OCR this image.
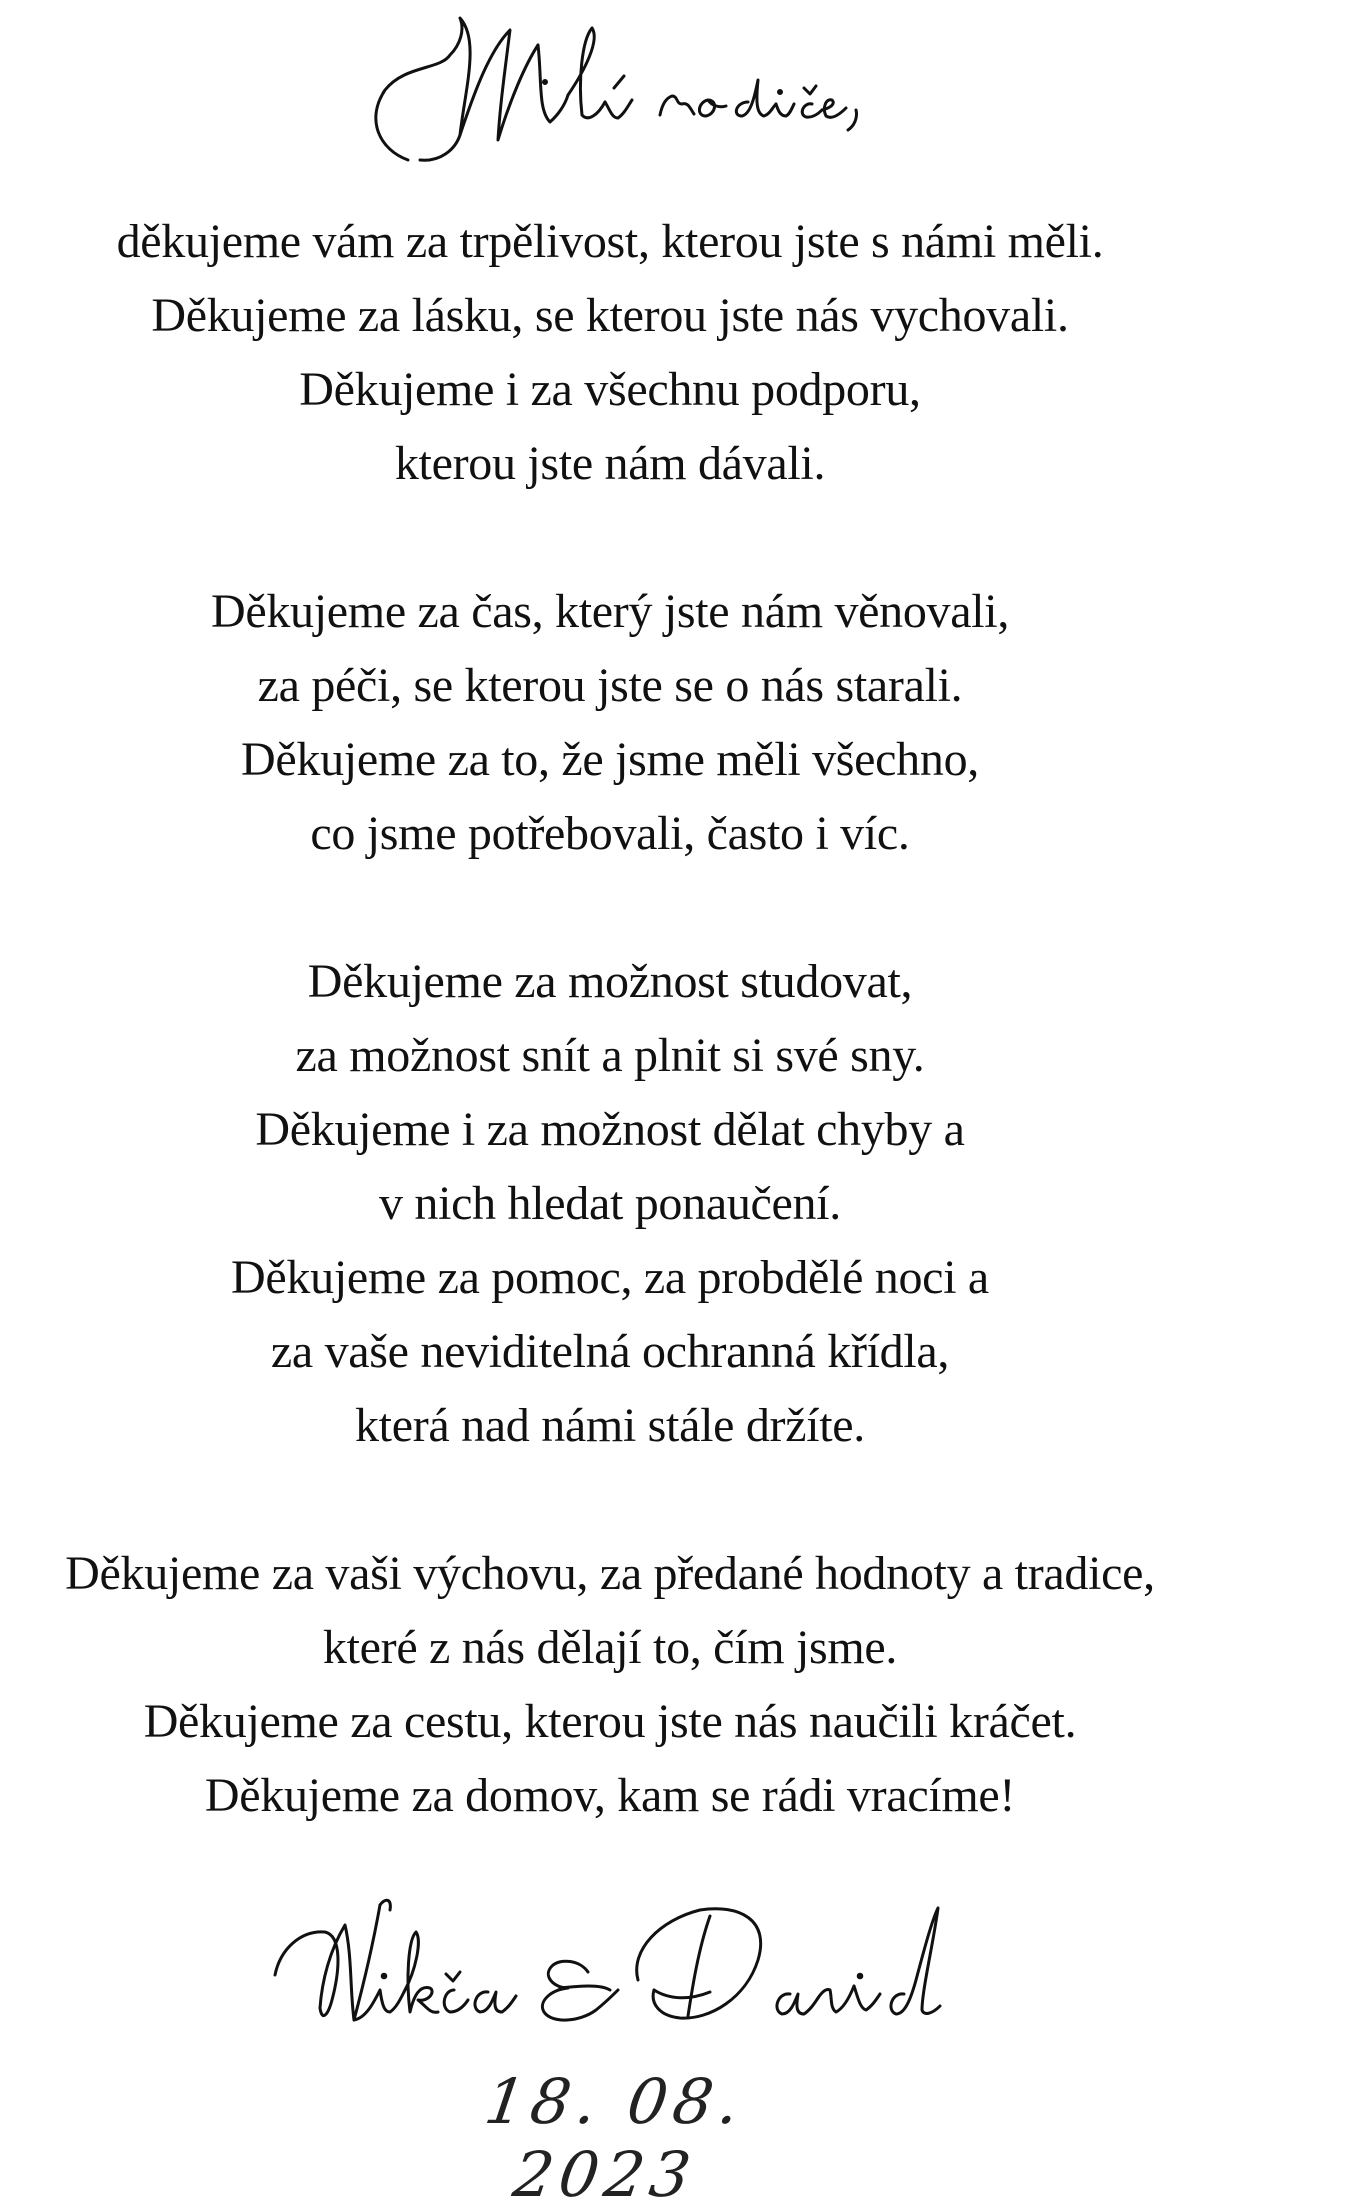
děkujeme vám za trpělivost, kterou jste s námi měli.
Děkujeme za lásku, se kterou jste nás vychovali.
Děkujeme i za všechnu podporu,
kterou jste nám dávali.
Děkujeme za čas, který jste nám věnovali,
za péči, se kterou jste se o nás starali.
Děkujeme za to, že jsme měli všechno,
co jsme potřebovali, často i víc.
Děkujeme za možnost studovat,
za možnost snít a plnit si své sny.
Děkujeme i za možnost dělat chyby a
v nich hledat ponaučení.
Děkujeme za pomoc, za probdělé noci a
za vaše neviditelná ochranná křídla,
která nad námi stále držíte.
Děkujeme za vaši výchovu, za předané hodnoty a tradice,
které z nás dělají to, čím jsme.
Děkujeme za cestu, kterou jste nás naučili kráčet.
Děkujeme za domov, kam se rádi vracíme!
18. 08. 2023
